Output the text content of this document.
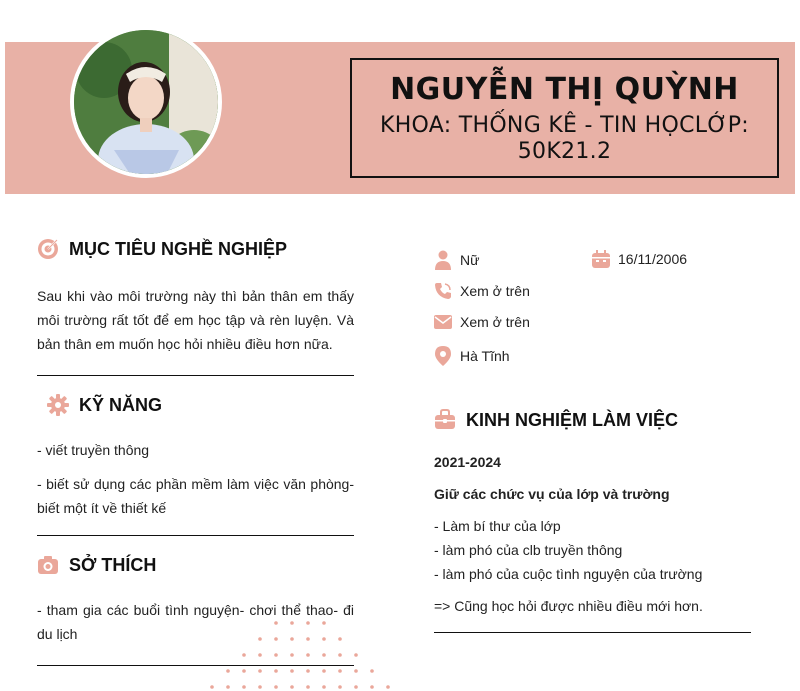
NGUYỄN THỊ QUỲNH
KHOA: THỐNG KÊ - TIN HỌCLỚP: 50K21.2
MỤC TIÊU NGHỀ NGHIỆP
Sau khi vào môi trường này thì bản thân em thấy môi trường rất tốt để em học tập và rèn luyện. Và bản thân em muốn học hỏi nhiều điều hơn nữa.
KỸ NĂNG
- viết truyền thông
- biết sử dụng các phần mềm làm việc văn phòng- biết một ít về thiết kế
SỞ THÍCH
- tham gia các buổi tình nguyện- chơi thể thao- đi du lịch
Nữ	16/11/2006
Xem ở trên
Xem ở trên
Hà Tĩnh
KINH NGHIỆM LÀM VIỆC
2021-2024
Giữ các chức vụ của lớp và trường
- Làm bí thư của lớp
- làm phó của clb truyền thông
- làm phó của cuộc tình nguyện của trường
=> Cũng học hỏi được nhiều điều mới hơn.
